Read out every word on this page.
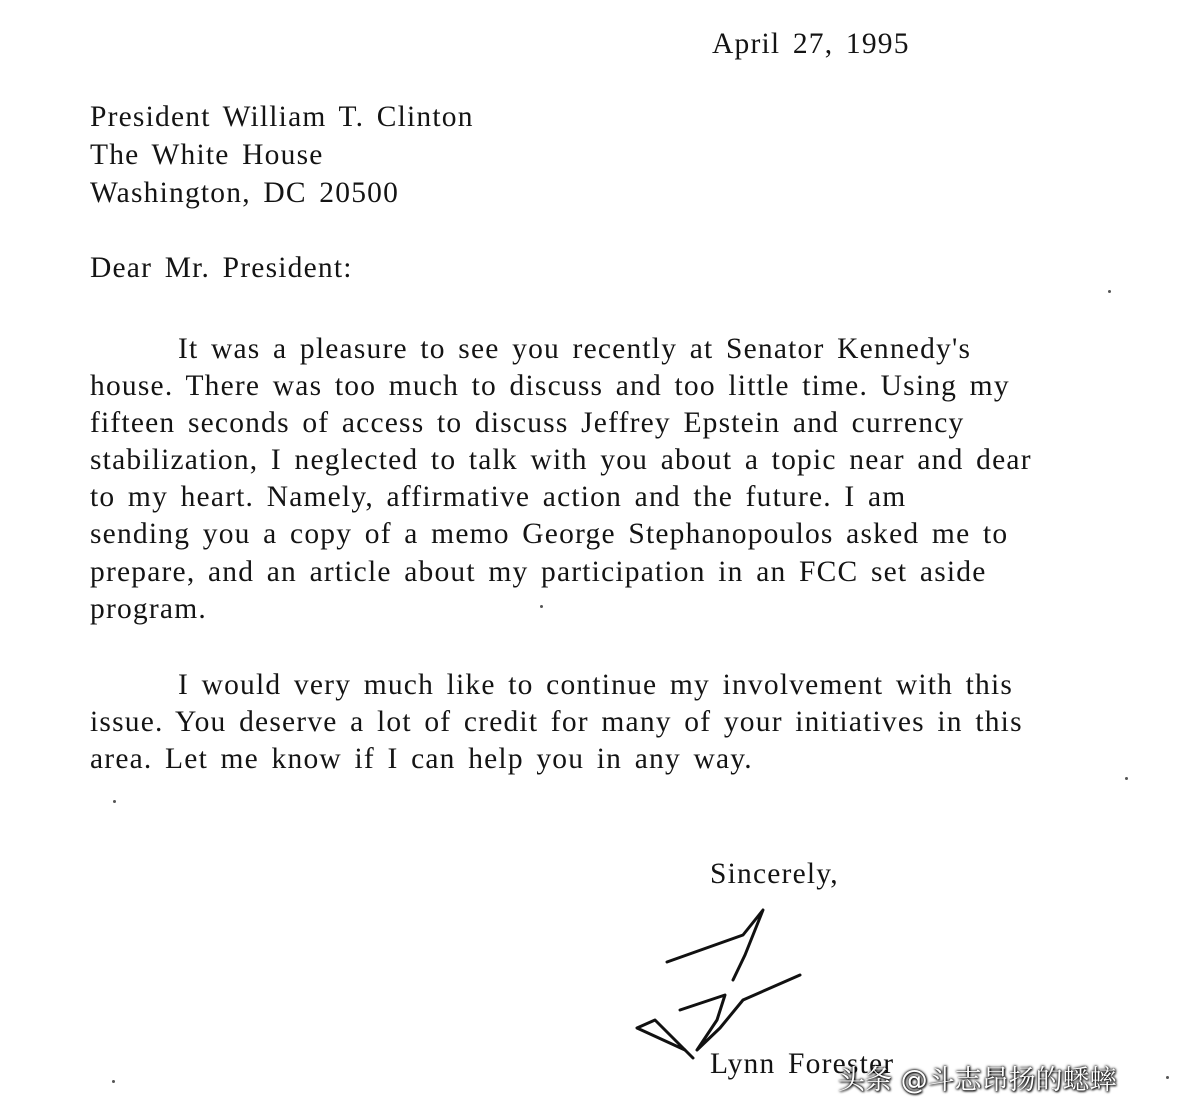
April 27, 1995
President William T. Clinton
The White House
Washington, DC 20500
Dear Mr. President:
It was a pleasure to see you recently at Senator Kennedy's
house. There was too much to discuss and too little time. Using my
fifteen seconds of access to discuss Jeffrey Epstein and currency
stabilization, I neglected to talk with you about a topic near and dear
to my heart. Namely, affirmative action and the future. I am
sending you a copy of a memo George Stephanopoulos asked me to
prepare, and an article about my participation in an FCC set aside
program.
I would very much like to continue my involvement with this
issue. You deserve a lot of credit for many of your initiatives in this
area. Let me know if I can help you in any way.
Sincerely,
Lynn Forester
头条 @斗志昂扬的蟋蟀
